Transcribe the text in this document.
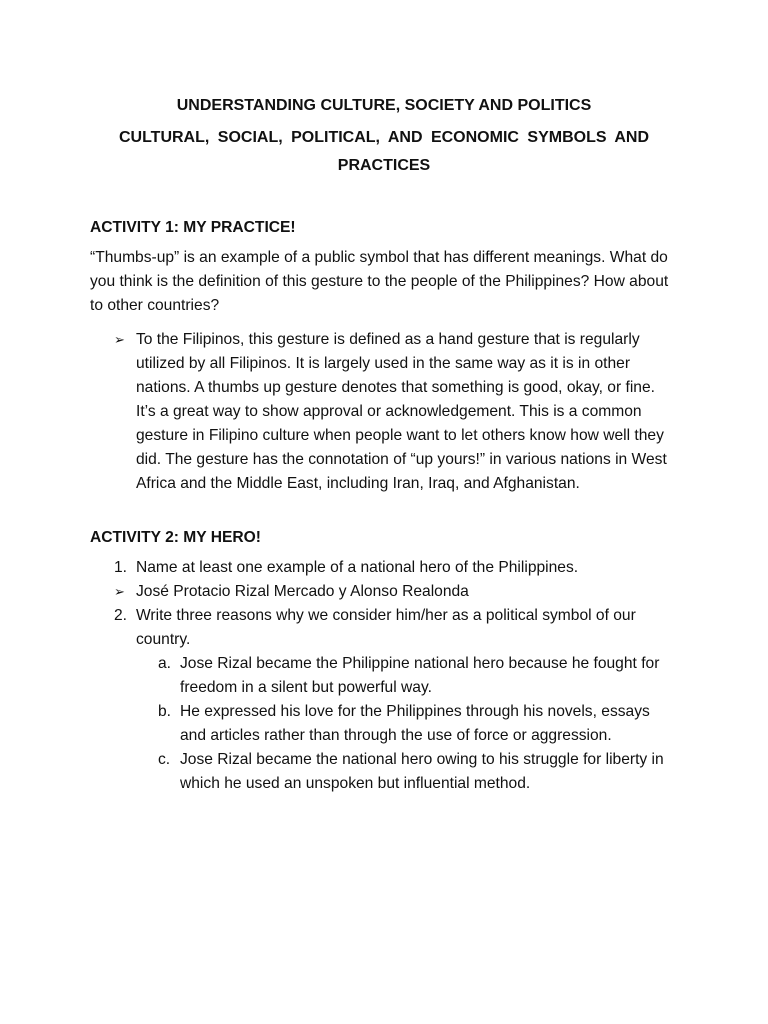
UNDERSTANDING CULTURE, SOCIETY AND POLITICS
CULTURAL, SOCIAL, POLITICAL, AND ECONOMIC SYMBOLS AND PRACTICES
ACTIVITY 1: MY PRACTICE!

“Thumbs-up” is an example of a public symbol that has different meanings. What do you think is the definition of this gesture to the people of the Philippines? How about to other countries?

➢ To the Filipinos, this gesture is defined as a hand gesture that is regularly utilized by all Filipinos. It is largely used in the same way as it is in other nations. A thumbs up gesture denotes that something is good, okay, or fine. It’s a great way to show approval or acknowledgement. This is a common gesture in Filipino culture when people want to let others know how well they did. The gesture has the connotation of “up yours!” in various nations in West Africa and the Middle East, including Iran, Iraq, and Afghanistan.
ACTIVITY 2: MY HERO!
1. Name at least one example of a national hero of the Philippines.
➢ José Protacio Rizal Mercado y Alonso Realonda
2. Write three reasons why we consider him/her as a political symbol of our country.
a. Jose Rizal became the Philippine national hero because he fought for freedom in a silent but powerful way.
b. He expressed his love for the Philippines through his novels, essays and articles rather than through the use of force or aggression.
c. Jose Rizal became the national hero owing to his struggle for liberty in which he used an unspoken but influential method.
